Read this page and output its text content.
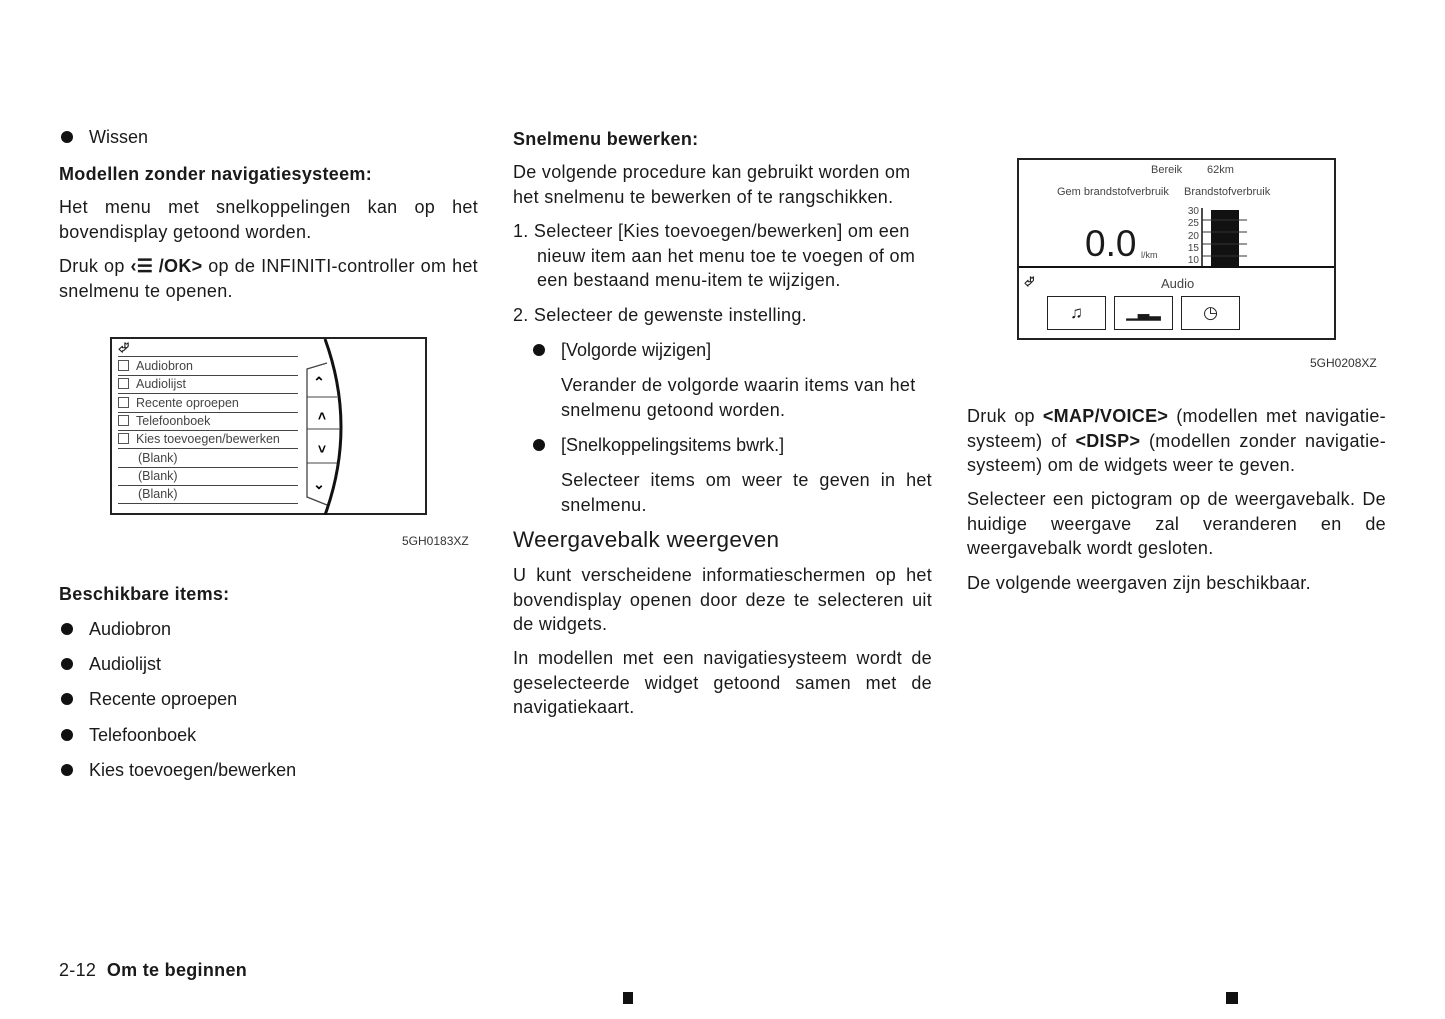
Wissen
Modellen zonder navigatiesysteem:
Het menu met snelkoppelingen kan op het bovendisplay getoond worden.
Druk op ‹☰ /OK> op de INFINITI-controller om het snelmenu te openen.
⮰
Audiobron
Audiolijst
Recente oproepen
Telefoonboek
Kies toevoegen/bewerken
(Blank)
(Blank)
(Blank)
⌃
˄
˅
⌄
5GH0183XZ
Beschikbare items:
Audiobron
Audiolijst
Recente oproepen
Telefoonboek
Kies toevoegen/bewerken
Snelmenu bewerken:
De volgende procedure kan gebruikt worden om het snelmenu te bewerken of te rangschikken.
1. Selecteer [Kies toevoegen/bewerken] om een nieuw item aan het menu toe te voegen of om een bestaand menu-item te wijzigen.
2. Selecteer de gewenste instelling.
[Volgorde wijzigen]
Verander de volgorde waarin items van het snelmenu getoond worden.
[Snelkoppelingsitems bwrk.]
Selecteer items om weer te geven in het snelmenu.
Weergavebalk weergeven
U kunt verscheidene informatieschermen op het bovendisplay openen door deze te selecteren uit de widgets.
In modellen met een navigatiesysteem wordt de geselecteerde widget getoond samen met de navigatiekaart.
Bereik 62km
Gem brandstofverbruik Brandstofverbruik
0.0 l/km
30
25
20
15
10
⮰	Audio
♫	▁▃▂	◷
5GH0208XZ
Druk op <MAP/VOICE> (modellen met navigatie-systeem) of <DISP> (modellen zonder navigatie-systeem) om de widgets weer te geven.
Selecteer een pictogram op de weergavebalk. De huidige weergave zal veranderen en de weergavebalk wordt gesloten.
De volgende weergaven zijn beschikbaar.
2-12 Om te beginnen
